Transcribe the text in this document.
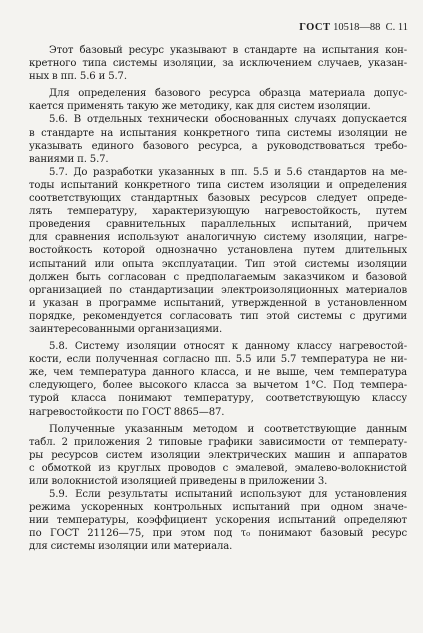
ГОСТ 10518—88 С. 11
Этот базовый ресурс указывают в стандарте на испытания кон-
кретного типа системы изоляции, за исключением случаев, указан-
ных в пп. 5.6 и 5.7.
Для определения базового ресурса образца материала допус-
кается применять такую же методику, как для систем изоляции.
5.6. В отдельных технически обоснованных случаях допускается
в стандарте на испытания конкретного типа системы изоляции не
указывать единого базового ресурса, а руководствоваться требо-
ваниями п. 5.7.
5.7. До разработки указанных в пп. 5.5 и 5.6 стандартов на ме-
тоды испытаний конкретного типа систем изоляции и определения
соответствующих стандартных базовых ресурсов следует опреде-
лять температуру, характеризующую нагревостойкость, путем
проведения сравнительных параллельных испытаний, причем
для сравнения используют аналогичную систему изоляции, нагре-
востойкость которой однозначно установлена путем длительных
испытаний или опыта эксплуатации. Тип этой системы изоляции
должен быть согласован с предполагаемым заказчиком и базовой
организацией по стандартизации электроизоляционных материалов
и указан в программе испытаний, утвержденной в установленном
порядке, рекомендуется согласовать тип этой системы с другими
заинтересованными организациями.
5.8. Систему изоляции относят к данному классу нагревостой-
кости, если полученная согласно пп. 5.5 или 5.7 температура не ни-
же, чем температура данного класса, и не выше, чем температура
следующего, более высокого класса за вычетом 1°С. Под темпера-
турой класса понимают температуру, соответствующую классу
нагревостойкости по ГОСТ 8865—87.
Полученные указанным методом и соответствующие данным
табл. 2 приложения 2 типовые графики зависимости от температу-
ры ресурсов систем изоляции электрических машин и аппаратов
с обмоткой из круглых проводов с эмалевой, эмалево-волокнистой
или волокнистой изоляцией приведены в приложении 3.
5.9. Если результаты испытаний используют для установления
режима ускоренных контрольных испытаний при одном значе-
нии температуры, коэффициент ускорения испытаний определяют
по ГОСТ 21126—75, при этом под τ₀ понимают базовый ресурс
для системы изоляции или материала.
